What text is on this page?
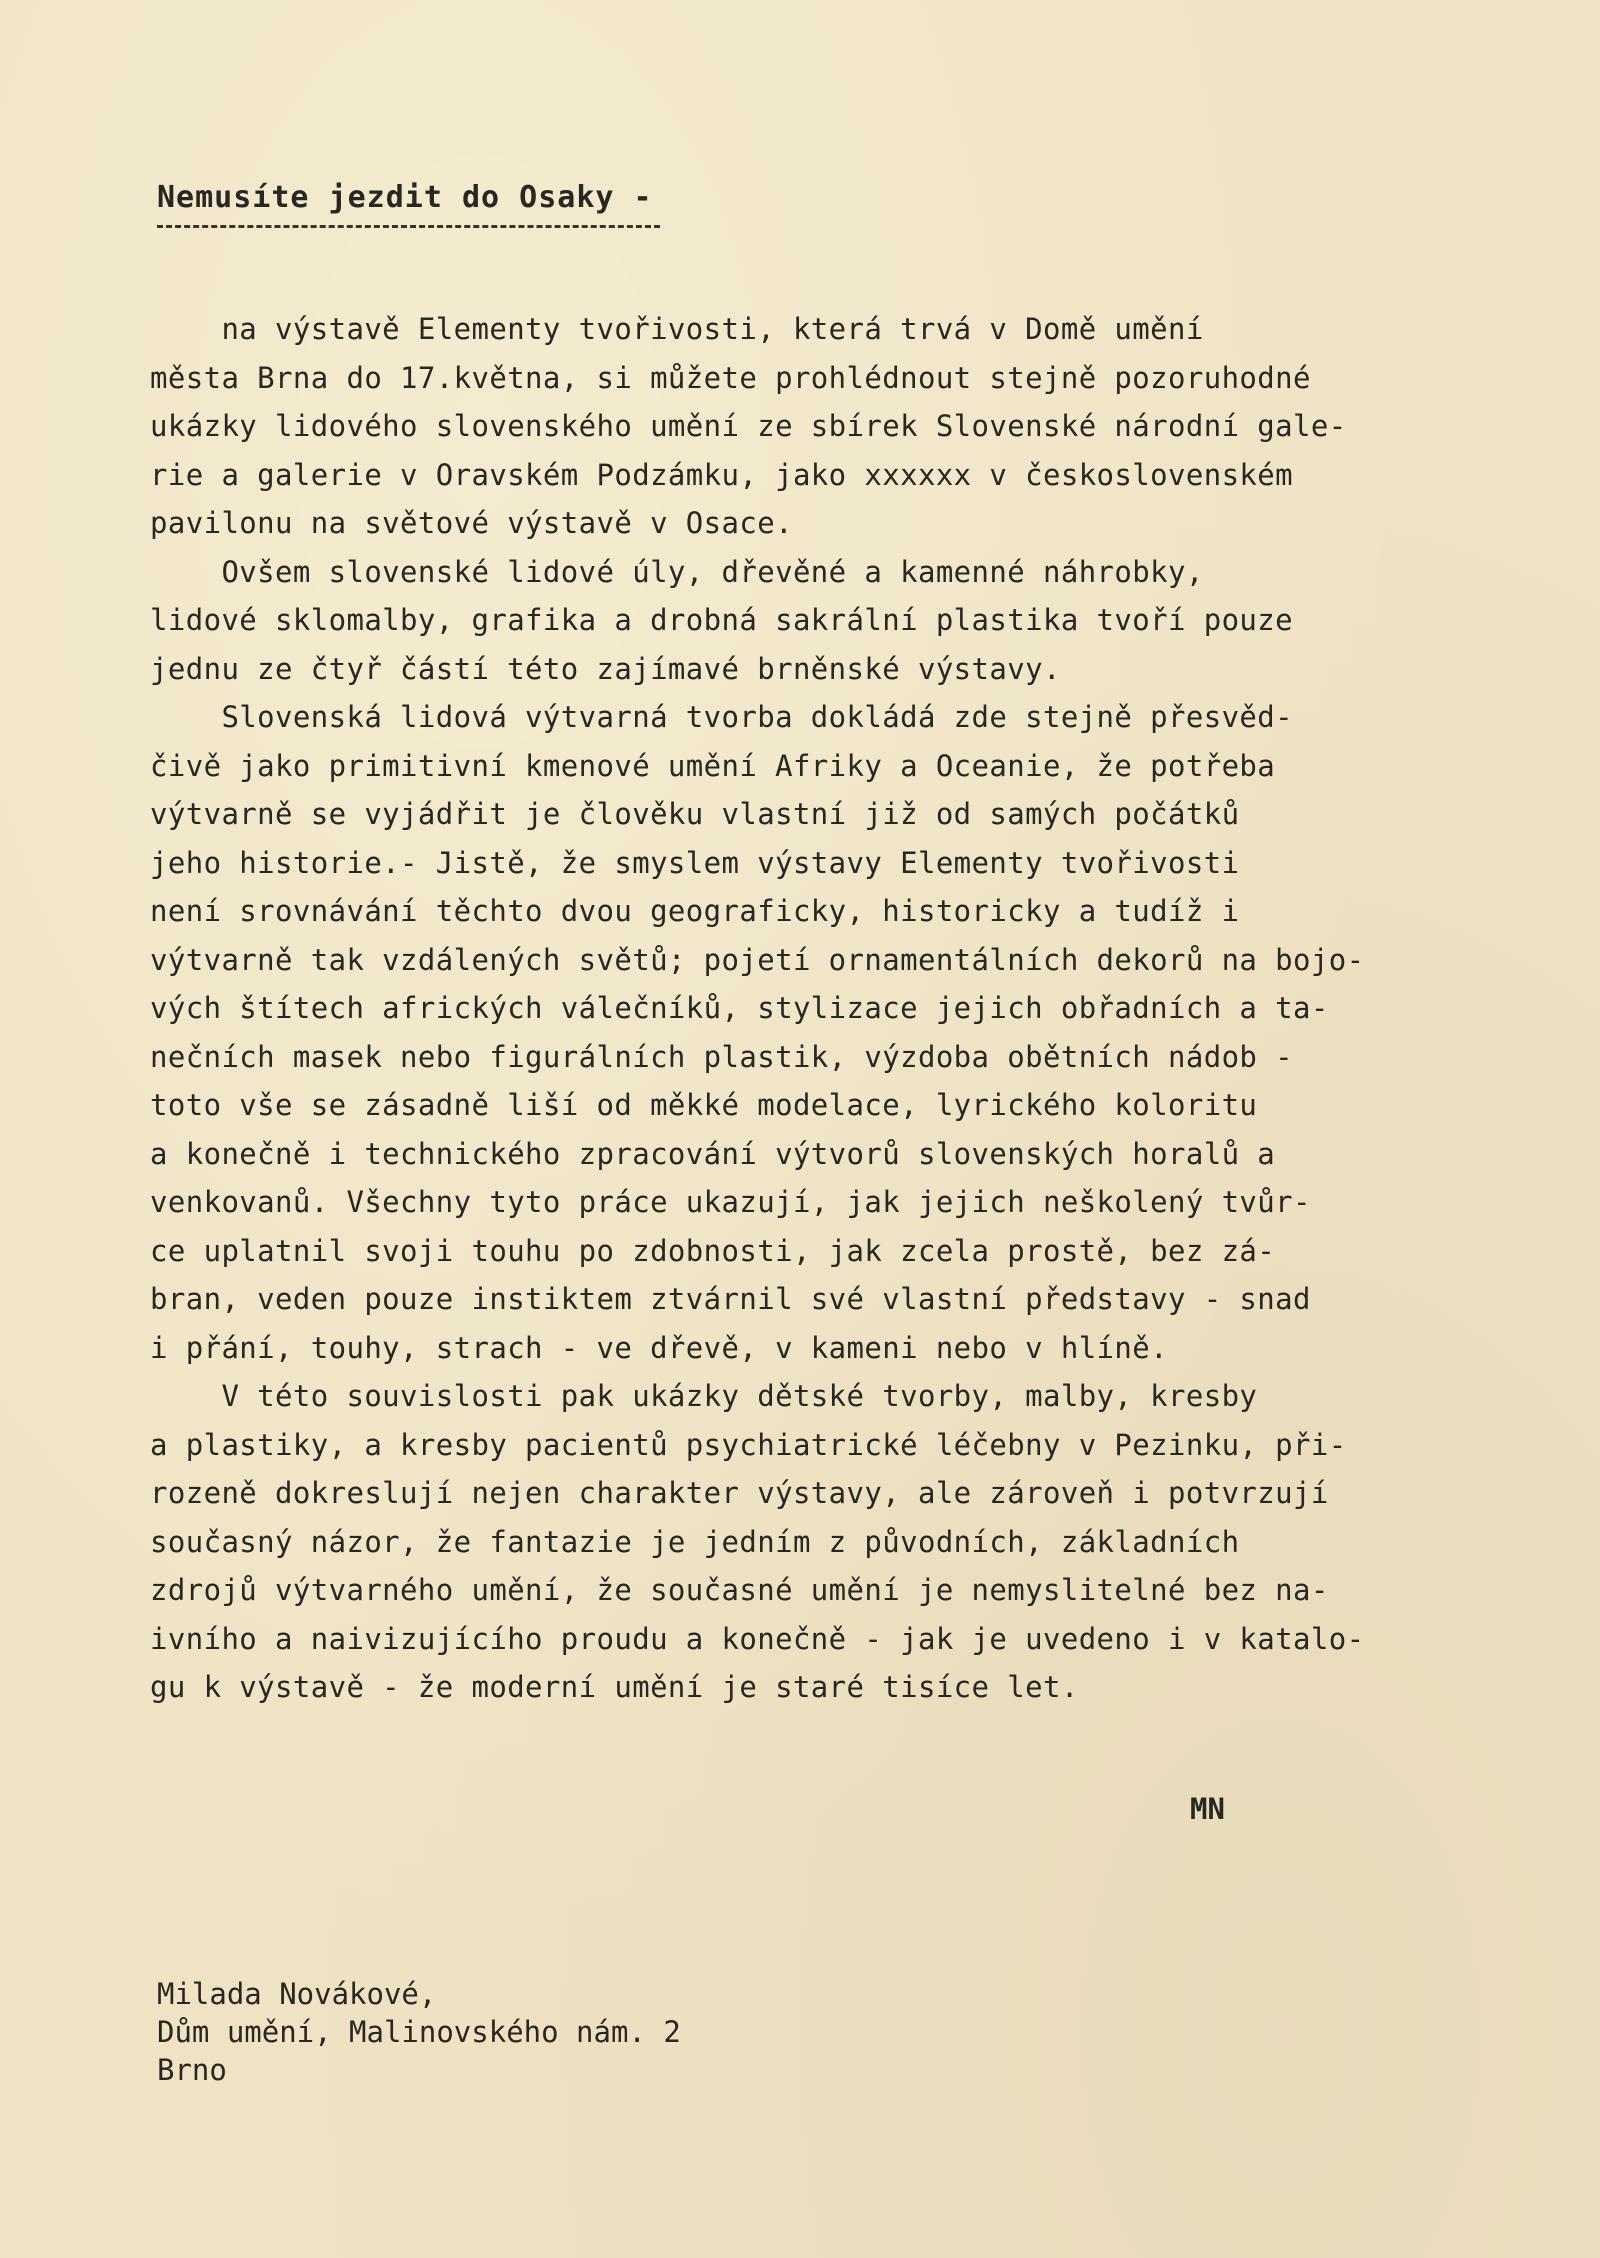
Nemusíte jezdit do Osaky -
na výstavě Elementy tvořivosti, která trvá v Domě umění
města Brna do 17.května, si můžete prohlédnout stejně pozoruhodné
ukázky lidového slovenského umění ze sbírek Slovenské národní gale-
rie a galerie v Oravském Podzámku, jako xxxxxx v československém
pavilonu na světové výstavě v Osace.
Ovšem slovenské lidové úly, dřevěné a kamenné náhrobky,
lidové sklomalby, grafika a drobná sakrální plastika tvoří pouze
jednu ze čtyř částí této zajímavé brněnské výstavy.
Slovenská lidová výtvarná tvorba dokládá zde stejně přesvěd-
čivě jako primitivní kmenové umění Afriky a Oceanie, že potřeba
výtvarně se vyjádřit je člověku vlastní již od samých počátků
jeho historie.- Jistě, že smyslem výstavy Elementy tvořivosti
není srovnávání těchto dvou geograficky, historicky a tudíž i
výtvarně tak vzdálených světů; pojetí ornamentálních dekorů na bojo-
vých štítech afrických válečníků, stylizace jejich obřadních a ta-
nečních masek nebo figurálních plastik, výzdoba obětních nádob -
toto vše se zásadně liší od měkké modelace, lyrického koloritu
a konečně i technického zpracování výtvorů slovenských horalů a
venkovanů. Všechny tyto práce ukazují, jak jejich neškolený tvůr-
ce uplatnil svoji touhu po zdobnosti, jak zcela prostě, bez zá-
bran, veden pouze instiktem ztvárnil své vlastní představy - snad
i přání, touhy, strach - ve dřevě, v kameni nebo v hlíně.
V této souvislosti pak ukázky dětské tvorby, malby, kresby
a plastiky, a kresby pacientů psychiatrické léčebny v Pezinku, při-
rozeně dokreslují nejen charakter výstavy, ale zároveň i potvrzují
současný názor, že fantazie je jedním z původních, základních
zdrojů výtvarného umění, že současné umění je nemyslitelné bez na-
ivního a naivizujícího proudu a konečně - jak je uvedeno i v katalo-
gu k výstavě - že moderní umění je staré tisíce let.
MN
Milada Novákové,
Dům umění, Malinovského nám. 2
Brno
